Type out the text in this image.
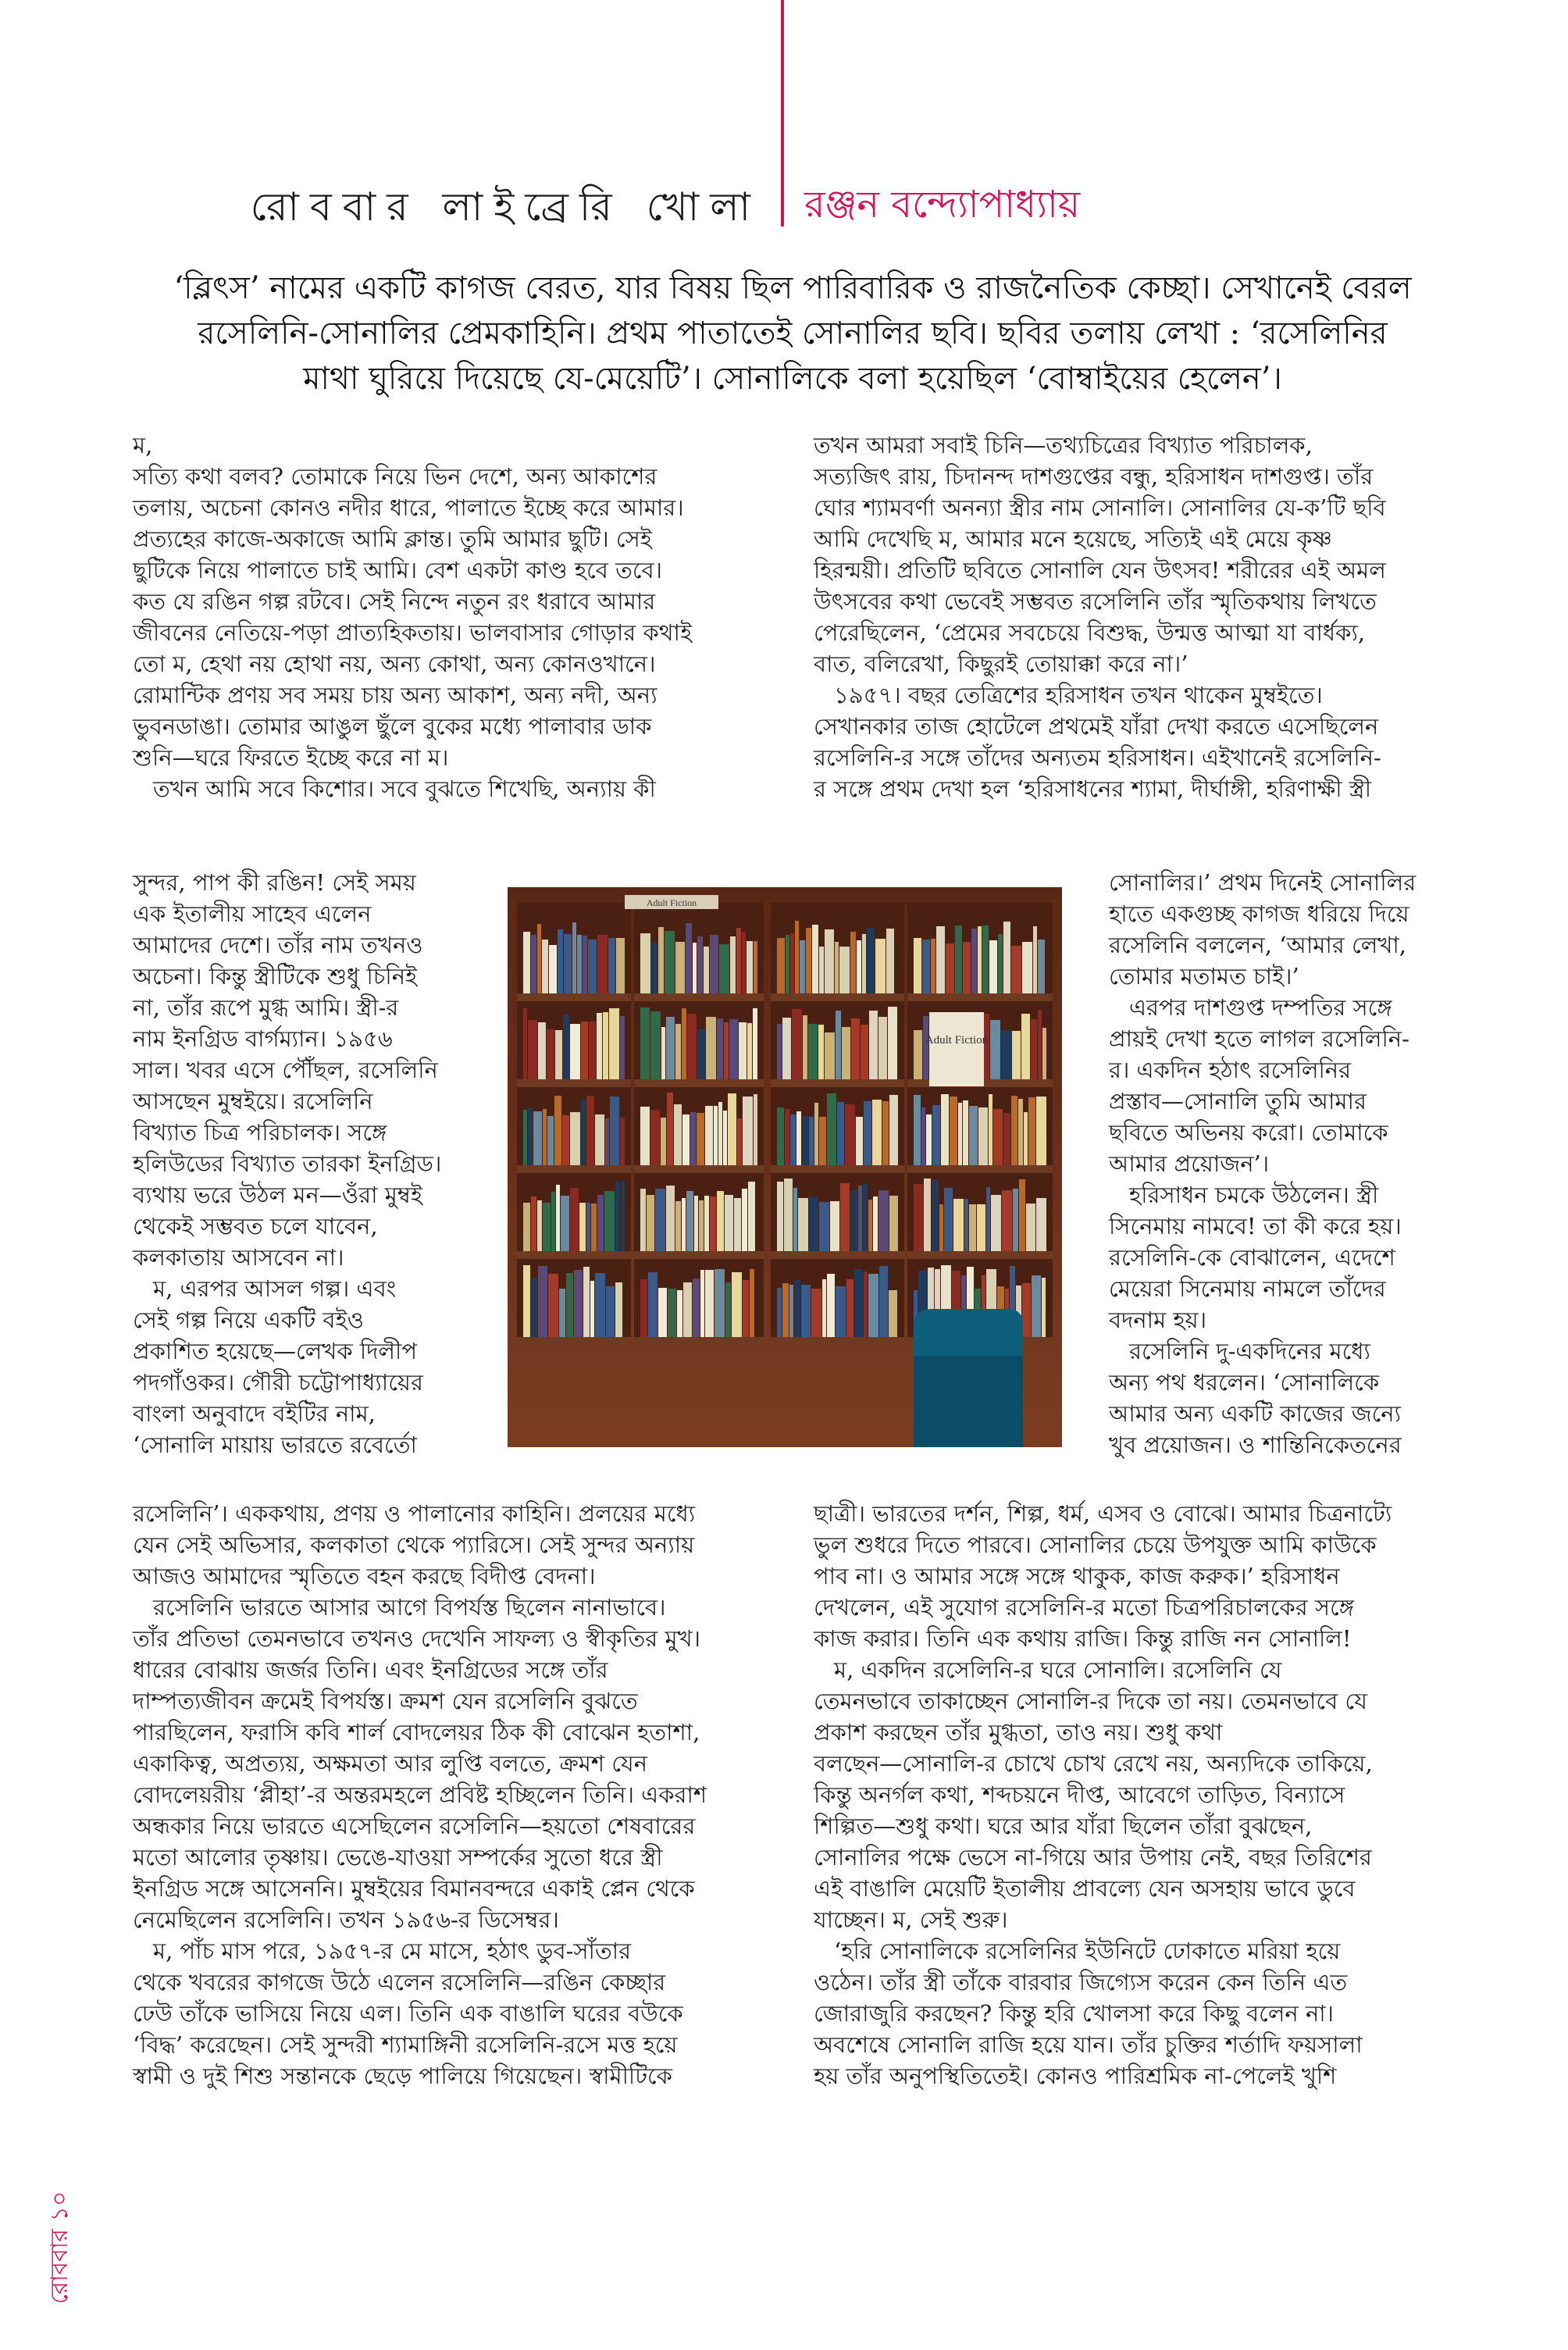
রোববার লাইব্রেরি খোলা রঞ্জন বন্দ্যোপাধ্যায়

‘ব্লিৎস’ নামের একটি কাগজ বেরত, যার বিষয় ছিল পারিবারিক ও রাজনৈতিক কেচ্ছা। সেখানেই বেরল

রসেলিনি-সোনালির প্রেমকাহিনি। প্রথম পাতাতেই সোনালির ছবি। ছবির তলায় লেখা : ‘রসেলিনির

মাথা ঘুরিয়ে দিয়েছে যে-মেয়েটি’। সোনালিকে বলা হয়েছিল ‘বোম্বাইয়ের হেলেন’।

ম,

সত্যি কথা বলব? তোমাকে নিয়ে ভিন দেশে, অন্য আকাশের

তলায়, অচেনা কোনও নদীর ধারে, পালাতে ইচ্ছে করে আমার।

প্রত্যহের কাজে-অকাজে আমি ক্লান্ত। তুমি আমার ছুটি। সেই

ছুটিকে নিয়ে পালাতে চাই আমি। বেশ একটা কাণ্ড হবে তবে।

কত যে রঙিন গল্প রটবে। সেই নিন্দে নতুন রং ধরাবে আমার

জীবনের নেতিয়ে-পড়া প্রাত্যহিকতায়। ভালবাসার গোড়ার কথাই

তো ম, হেথা নয় হোথা নয়, অন্য কোথা, অন্য কোনওখানে।

রোমান্টিক প্রণয় সব সময় চায় অন্য আকাশ, অন্য নদী, অন্য

ভুবনডাঙা। তোমার আঙুল ছুঁলে বুকের মধ্যে পালাবার ডাক

শুনি—ঘরে ফিরতে ইচ্ছে করে না ম।

তখন আমি সবে কিশোর। সবে বুঝতে শিখেছি, অন্যায় কী

সুন্দর, পাপ কী রঙিন! সেই সময়

এক ইতালীয় সাহেব এলেন

আমাদের দেশে। তাঁর নাম তখনও

অচেনা। কিন্তু স্ত্রীটিকে শুধু চিনিই

না, তাঁর রূপে মুগ্ধ আমি। স্ত্রী-র

নাম ইনগ্রিড বার্গম্যান। ১৯৫৬

সাল। খবর এসে পৌঁছল, রসেলিনি

আসছেন মুম্বইয়ে। রসেলিনি

বিখ্যাত চিত্র পরিচালক। সঙ্গে

হলিউডের বিখ্যাত তারকা ইনগ্রিড।

ব্যথায় ভরে উঠল মন—ওঁরা মুম্বই

থেকেই সম্ভবত চলে যাবেন,

কলকাতায় আসবেন না।

ম, এরপর আসল গল্প। এবং

সেই গল্প নিয়ে একটি বইও

প্রকাশিত হয়েছে—লেখক দিলীপ

পদগাঁওকর। গৌরী চট্টোপাধ্যায়ের

বাংলা অনুবাদে বইটির নাম,

‘সোনালি মায়ায় ভারতে রবের্তো

রসেলিনি’। এককথায়, প্রণয় ও পালানোর কাহিনি। প্রলয়ের মধ্যে

যেন সেই অভিসার, কলকাতা থেকে প্যারিসে। সেই সুন্দর অন্যায়

আজও আমাদের স্মৃতিতে বহন করছে বিদীপ্ত বেদনা।

রসেলিনি ভারতে আসার আগে বিপর্যস্ত ছিলেন নানাভাবে।

তাঁর প্রতিভা তেমনভাবে তখনও দেখেনি সাফল্য ও স্বীকৃতির মুখ।

ধারের বোঝায় জর্জর তিনি। এবং ইনগ্রিডের সঙ্গে তাঁর

দাম্পত্যজীবন ক্রমেই বিপর্যস্ত। ক্রমশ যেন রসেলিনি বুঝতে

পারছিলেন, ফরাসি কবি শার্ল বোদলেয়র ঠিক কী বোঝেন হতাশা,

একাকিত্ব, অপ্রত্যয়, অক্ষমতা আর লুপ্তি বলতে, ক্রমশ যেন

বোদলেয়রীয় ‘প্লীহা’-র অন্তরমহলে প্রবিষ্ট হচ্ছিলেন তিনি। একরাশ

অন্ধকার নিয়ে ভারতে এসেছিলেন রসেলিনি—হয়তো শেষবারের

মতো আলোর তৃষ্ণায়। ভেঙে-যাওয়া সম্পর্কের সুতো ধরে স্ত্রী

ইনগ্রিড সঙ্গে আসেননি। মুম্বইয়ের বিমানবন্দরে একাই প্লেন থেকে

নেমেছিলেন রসেলিনি। তখন ১৯৫৬-র ডিসেম্বর।

ম, পাঁচ মাস পরে, ১৯৫৭-র মে মাসে, হঠাৎ ডুব-সাঁতার

থেকে খবরের কাগজে উঠে এলেন রসেলিনি—রঙিন কেচ্ছার

ঢেউ তাঁকে ভাসিয়ে নিয়ে এল। তিনি এক বাঙালি ঘরের বউকে

‘বিদ্ধ’ করেছেন। সেই সুন্দরী শ্যামাঙ্গিনী রসেলিনি-রসে মত্ত হয়ে

স্বামী ও দুই শিশু সন্তানকে ছেড়ে পালিয়ে গিয়েছেন। স্বামীটিকে

তখন আমরা সবাই চিনি—তথ্যচিত্রের বিখ্যাত পরিচালক,

সত্যজিৎ রায়, চিদানন্দ দাশগুপ্তের বন্ধু, হরিসাধন দাশগুপ্ত। তাঁর

ঘোর শ্যামবর্ণা অনন্যা স্ত্রীর নাম সোনালি। সোনালির যে-ক’টি ছবি

আমি দেখেছি ম, আমার মনে হয়েছে, সত্যিই এই মেয়ে কৃষ্ণ

হিরন্ময়ী। প্রতিটি ছবিতে সোনালি যেন উৎসব! শরীরের এই অমল

উৎসবের কথা ভেবেই সম্ভবত রসেলিনি তাঁর স্মৃতিকথায় লিখতে

পেরেছিলেন, ‘প্রেমের সবচেয়ে বিশুদ্ধ, উন্মত্ত আত্মা যা বার্ধক্য,

বাত, বলিরেখা, কিছুরই তোয়াক্কা করে না।’

১৯৫৭। বছর তেত্রিশের হরিসাধন তখন থাকেন মুম্বইতে।

সেখানকার তাজ হোটেলে প্রথমেই যাঁরা দেখা করতে এসেছিলেন

রসেলিনি-র সঙ্গে তাঁদের অন্যতম হরিসাধন। এইখানেই রসেলিনি-

র সঙ্গে প্রথম দেখা হল ‘হরিসাধনের শ্যামা, দীর্ঘাঙ্গী, হরিণাক্ষী স্ত্রী

সোনালির।’ প্রথম দিনেই সোনালির

হাতে একগুচ্ছ কাগজ ধরিয়ে দিয়ে

রসেলিনি বললেন, ‘আমার লেখা,

তোমার মতামত চাই।’

এরপর দাশগুপ্ত দম্পতির সঙ্গে

প্রায়ই দেখা হতে লাগল রসেলিনি-

র। একদিন হঠাৎ রসেলিনির

প্রস্তাব—সোনালি তুমি আমার

ছবিতে অভিনয় করো। তোমাকে

আমার প্রয়োজন’।

হরিসাধন চমকে উঠলেন। স্ত্রী

সিনেমায় নামবে! তা কী করে হয়।

রসেলিনি-কে বোঝালেন, এদেশে

মেয়েরা সিনেমায় নামলে তাঁদের

বদনাম হয়।

রসেলিনি দু-একদিনের মধ্যে

অন্য পথ ধরলেন। ‘সোনালিকে

আমার অন্য একটি কাজের জন্যে

খুব প্রয়োজন। ও শান্তিনিকেতনের

ছাত্রী। ভারতের দর্শন, শিল্প, ধর্ম, এসব ও বোঝে। আমার চিত্রনাট্যে

ভুল শুধরে দিতে পারবে। সোনালির চেয়ে উপযুক্ত আমি কাউকে

পাব না। ও আমার সঙ্গে সঙ্গে থাকুক, কাজ করুক।’ হরিসাধন

দেখলেন, এই সুযোগ রসেলিনি-র মতো চিত্রপরিচালকের সঙ্গে

কাজ করার। তিনি এক কথায় রাজি। কিন্তু রাজি নন সোনালি!

ম, একদিন রসেলিনি-র ঘরে সোনালি। রসেলিনি যে

তেমনভাবে তাকাচ্ছেন সোনালি-র দিকে তা নয়। তেমনভাবে যে

প্রকাশ করছেন তাঁর মুগ্ধতা, তাও নয়। শুধু কথা

বলছেন—সোনালি-র চোখে চোখ রেখে নয়, অন্যদিকে তাকিয়ে,

কিন্তু অনর্গল কথা, শব্দচয়নে দীপ্ত, আবেগে তাড়িত, বিন্যাসে

শিল্পিত—শুধু কথা। ঘরে আর যাঁরা ছিলেন তাঁরা বুঝছেন,

সোনালির পক্ষে ভেসে না-গিয়ে আর উপায় নেই, বছর তিরিশের

এই বাঙালি মেয়েটি ইতালীয় প্রাবল্যে যেন অসহায় ভাবে ডুবে

যাচ্ছেন। ম, সেই শুরু।

‘হরি সোনালিকে রসেলিনির ইউনিটে ঢোকাতে মরিয়া হয়ে

ওঠেন। তাঁর স্ত্রী তাঁকে বারবার জিগ্যেস করেন কেন তিনি এত

জোরাজুরি করছেন? কিন্তু হরি খোলসা করে কিছু বলেন না।

অবশেষে সোনালি রাজি হয়ে যান। তাঁর চুক্তির শর্তাদি ফয়সালা

হয় তাঁর অনুপস্থিতিতেই। কোনও পারিশ্রমিক না-পেলেই খুশি

Adult Fiction
Adult Fiction
রোববার ১০
